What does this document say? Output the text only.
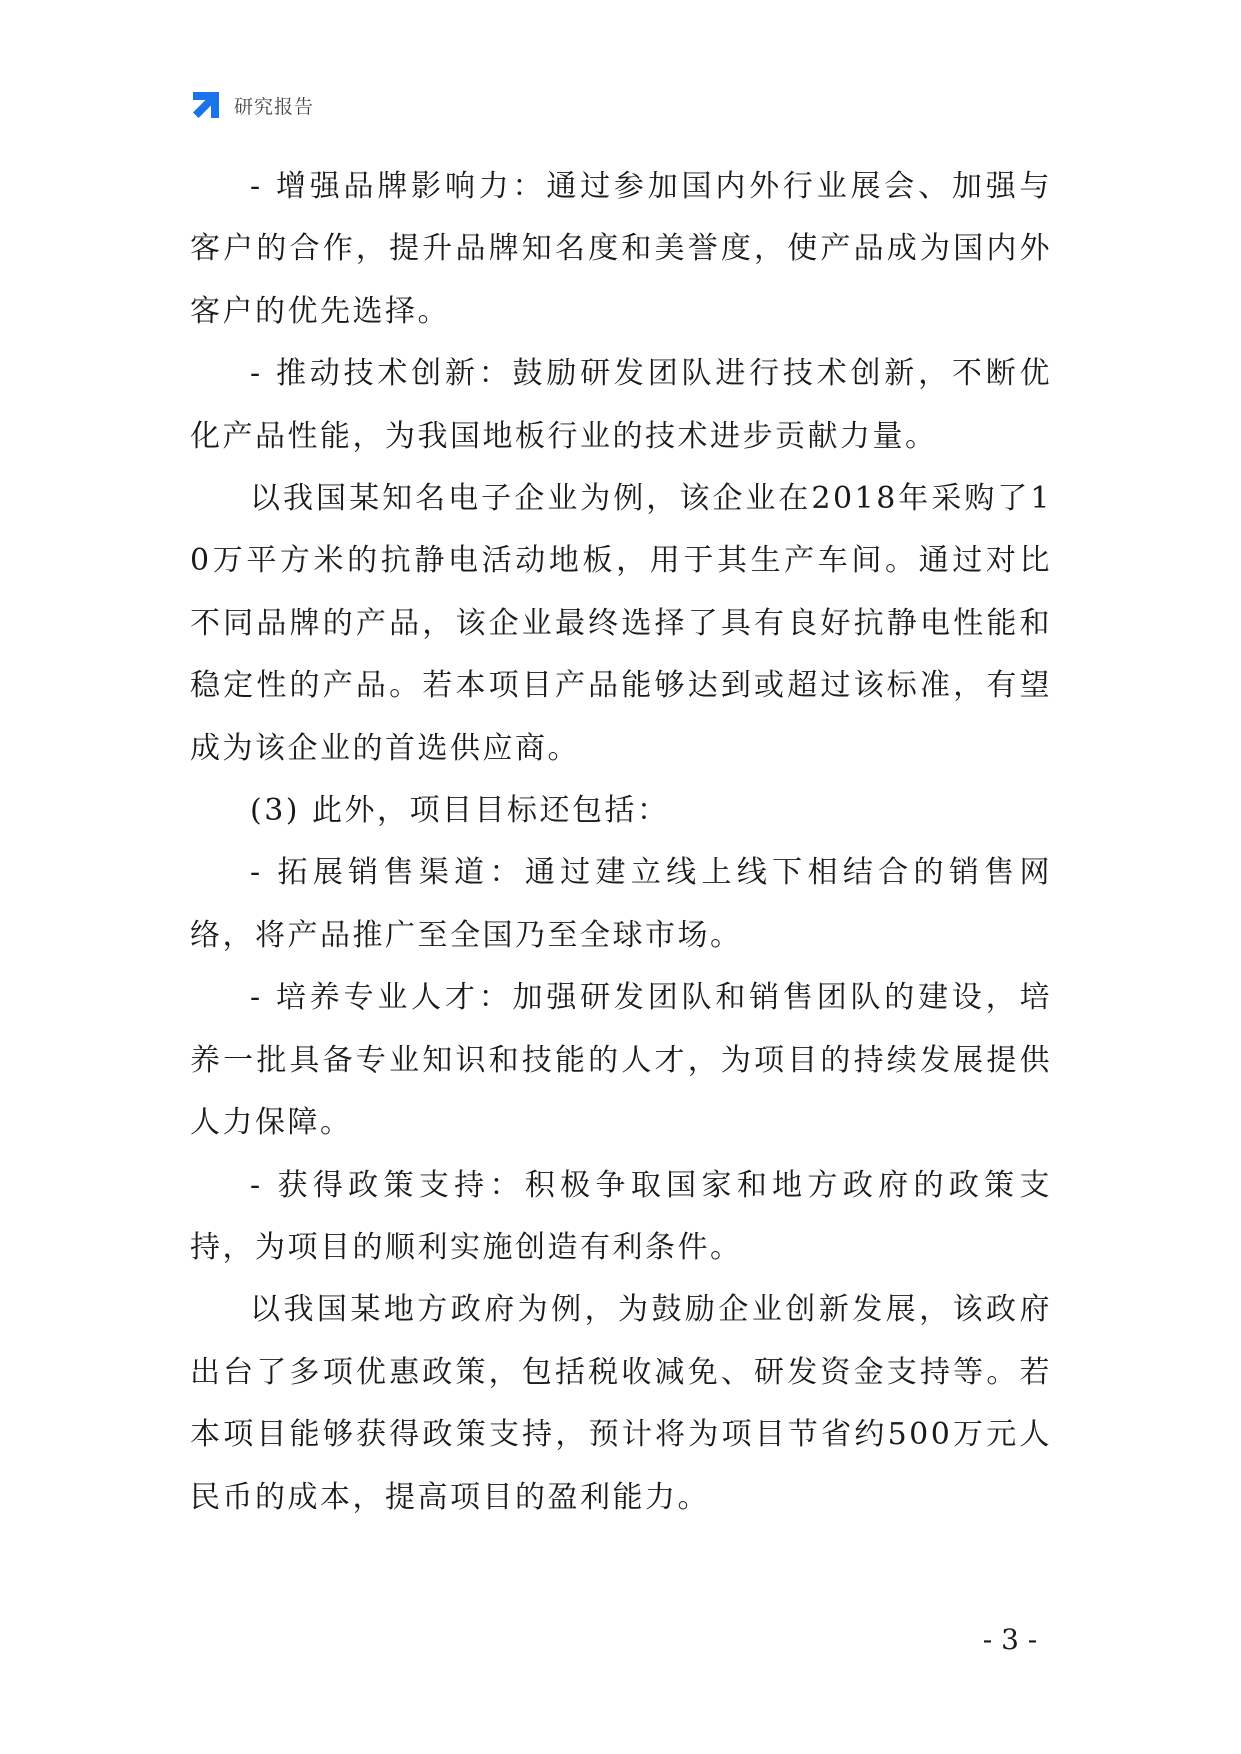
研究报告

- 增强品牌影响力：通过参加国内外行业展会、加强与客户的合作，提升品牌知名度和美誉度，使产品成为国内外客户的优先选择。

- 推动技术创新：鼓励研发团队进行技术创新，不断优化产品性能，为我国地板行业的技术进步贡献力量。

以我国某知名电子企业为例，该企业在2018年采购了10万平方米的抗静电活动地板，用于其生产车间。通过对比不同品牌的产品，该企业最终选择了具有良好抗静电性能和稳定性的产品。若本项目产品能够达到或超过该标准，有望成为该企业的首选供应商。

(3) 此外，项目目标还包括：

- 拓展销售渠道：通过建立线上线下相结合的销售网络，将产品推广至全国乃至全球市场。

- 培养专业人才：加强研发团队和销售团队的建设，培养一批具备专业知识和技能的人才，为项目的持续发展提供人力保障。

- 获得政策支持：积极争取国家和地方政府的政策支持，为项目的顺利实施创造有利条件。

以我国某地方政府为例，为鼓励企业创新发展，该政府出台了多项优惠政策，包括税收减免、研发资金支持等。若本项目能够获得政策支持，预计将为项目节省约500万元人民币的成本，提高项目的盈利能力。

- 3 -
